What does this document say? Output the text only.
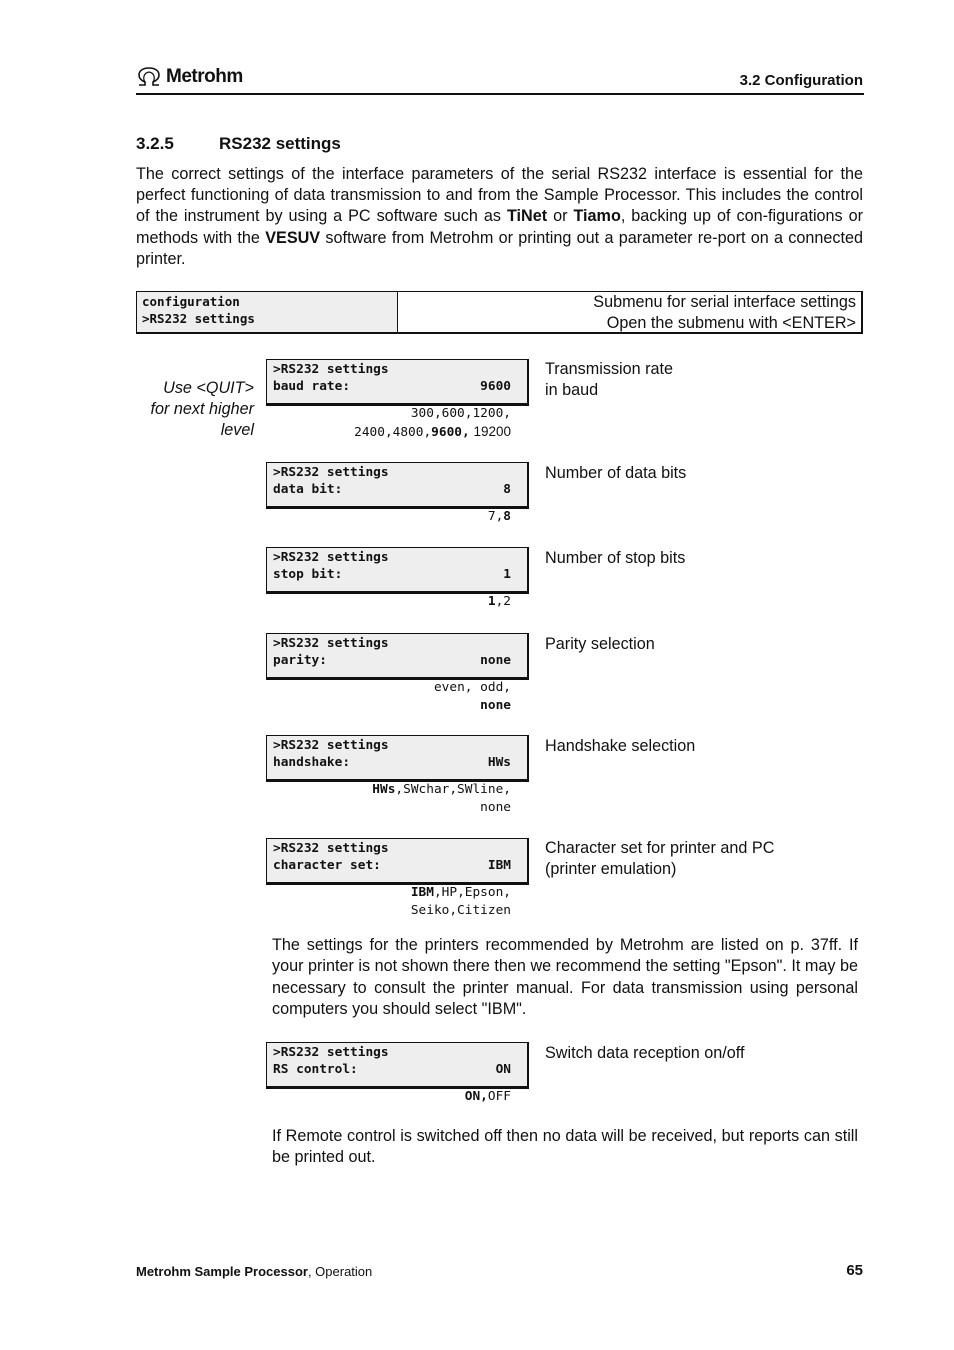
Metrohm	3.2 Configuration
3.2.5	RS232 settings
The correct settings of the interface parameters of the serial RS232 interface is essential for the perfect functioning of data transmission to and from the Sample Processor. This includes the control of the instrument by using a PC software such as TiNet or Tiamo, backing up of con-figurations or methods with the VESUV software from Metrohm or printing out a parameter re-port on a connected printer.
configuration
>RS232 settings
Submenu for serial interface settings
Open the submenu with <ENTER>
Use <QUIT>
for next higher
level
>RS232 settings
baud rate:	9600
300,600,1200,
2400,4800,9600, 19200
Transmission rate
in baud
>RS232 settings
data bit:	8
7,8
Number of data bits
>RS232 settings
stop bit:	1
1,2
Number of stop bits
>RS232 settings
parity:	none
even, odd,
none
Parity selection
>RS232 settings
handshake:	HWs
HWs,SWchar,SWline,
none
Handshake selection
>RS232 settings
character set:	IBM
IBM,HP,Epson,
Seiko,Citizen
Character set for printer and PC
(printer emulation)
The settings for the printers recommended by Metrohm are listed on p. 37ff. If your printer is not shown there then we recommend the setting "Epson". It may be necessary to consult the printer manual. For data transmission using personal computers you should select "IBM".
>RS232 settings
RS control:	ON
ON,OFF
Switch data reception on/off
If Remote control is switched off then no data will be received, but reports can still be printed out.
Metrohm Sample Processor, Operation	65
